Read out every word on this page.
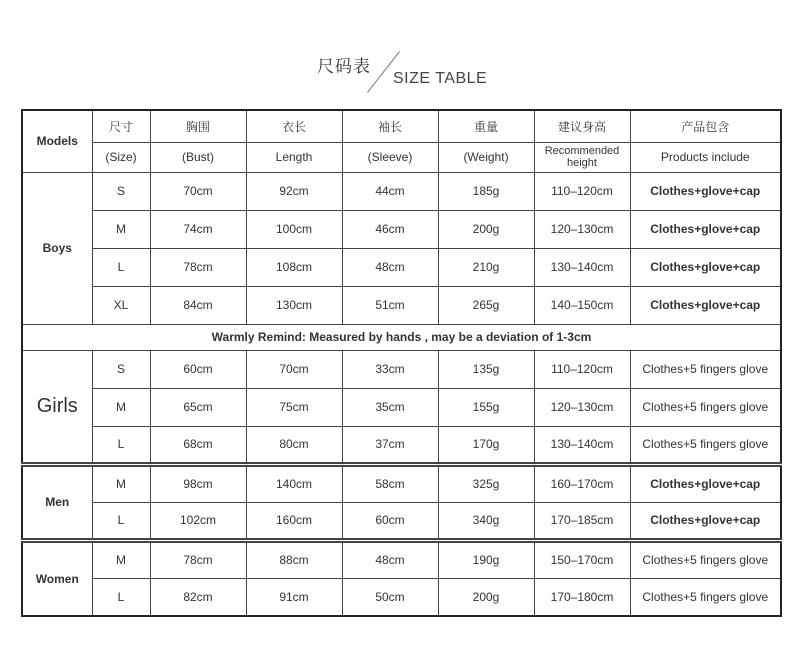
尺码表
SIZE TABLE
Models	尺寸	胸围	衣长	袖长	重量	建议身高	产品包含
	(Size)	(Bust)	Length	(Sleeve)	(Weight)	Recommended height	Products include
Boys	S	70cm	92cm	44cm	185g	110–120cm	Clothes+glove+cap
	M	74cm	100cm	46cm	200g	120–130cm	Clothes+glove+cap
	L	78cm	108cm	48cm	210g	130–140cm	Clothes+glove+cap
	XL	84cm	130cm	51cm	265g	140–150cm	Clothes+glove+cap
Warmly Remind: Measured by hands , may be a deviation of 1-3cm							
Girls	S	60cm	70cm	33cm	135g	110–120cm	Clothes+5 fingers glove
	M	65cm	75cm	35cm	155g	120–130cm	Clothes+5 fingers glove
	L	68cm	80cm	37cm	170g	130–140cm	Clothes+5 fingers glove
Men	M	98cm	140cm	58cm	325g	160–170cm	Clothes+glove+cap
	L	102cm	160cm	60cm	340g	170–185cm	Clothes+glove+cap
Women	M	78cm	88cm	48cm	190g	150–170cm	Clothes+5 fingers glove
	L	82cm	91cm	50cm	200g	170–180cm	Clothes+5 fingers glove
